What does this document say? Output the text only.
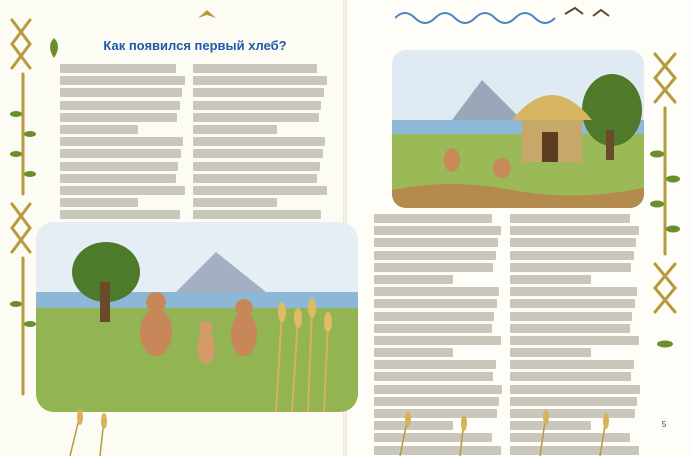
Как появился первый хлеб?
5
